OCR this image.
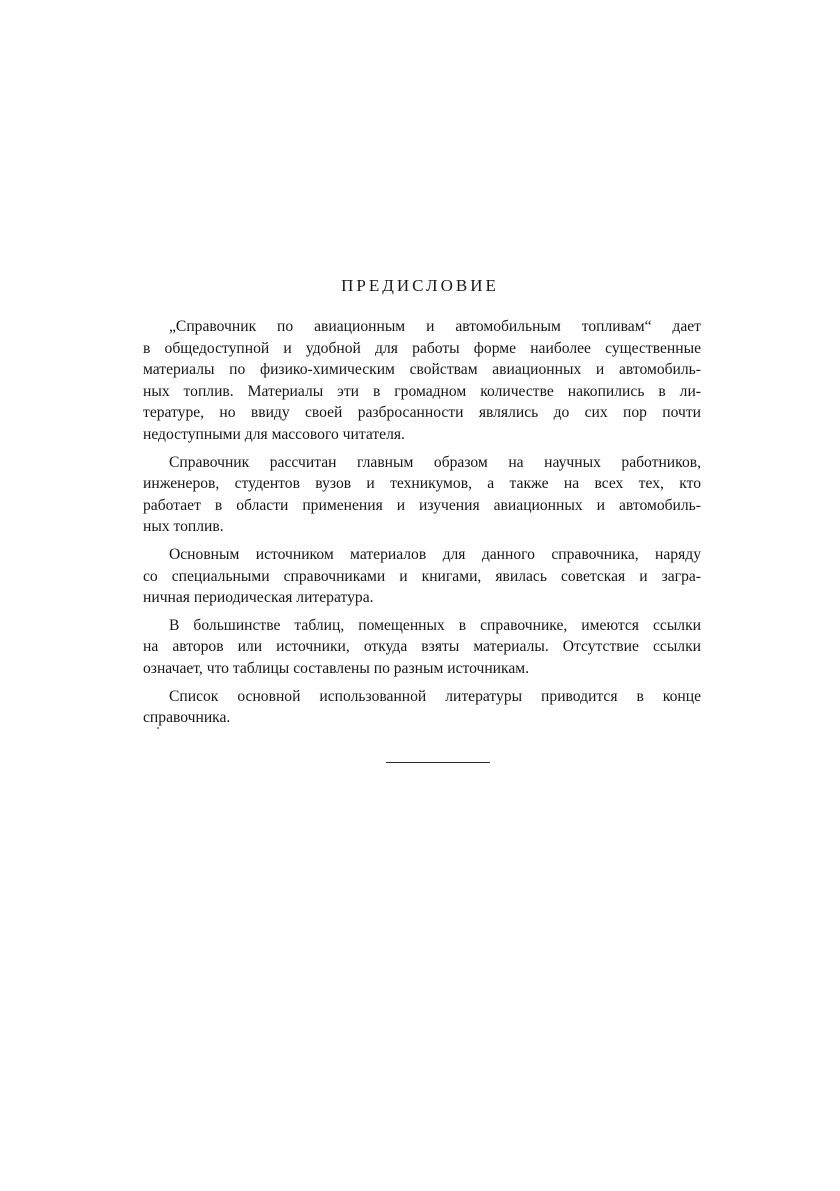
ПРЕДИСЛОВИЕ

„Справочник по авиационным и автомобильным топливам“ дает
в общедоступной и удобной для работы форме наиболее существенные
материалы по физико-химическим свойствам авиационных и автомобиль-
ных топлив. Материалы эти в громадном количестве накопились в ли-
тературе, но ввиду своей разбросанности являлись до сих пор почти
недоступными для массового читателя.

Справочник рассчитан главным образом на научных работников,
инженеров, студентов вузов и техникумов, а также на всех тех, кто
работает в области применения и изучения авиационных и автомобиль-
ных топлив.

Основным источником материалов для данного справочника, наряду
со специальными справочниками и книгами, явилась советская и загра-
ничная периодическая литература.

В большинстве таблиц, помещенных в справочнике, имеются ссылки
на авторов или источники, откуда взяты материалы. Отсутствие ссылки
означает, что таблицы составлены по разным источникам.

Список основной использованной литературы приводится в конце
справочника.
